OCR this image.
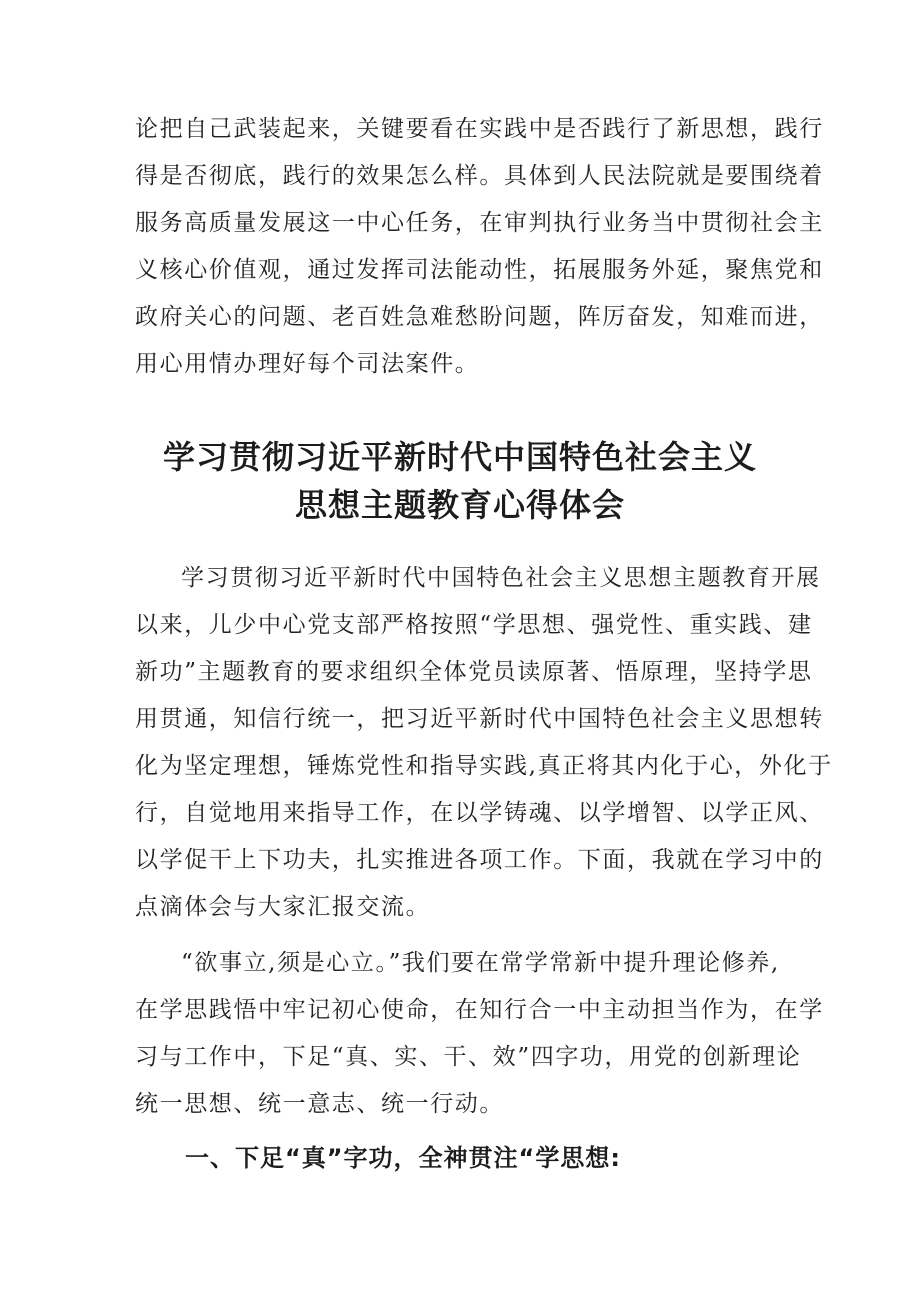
论把自己武装起来，关键要看在实践中是否践行了新思想，践行
得是否彻底，践行的效果怎么样。具体到人民法院就是要围绕着
服务高质量发展这一中心任务，在审判执行业务当中贯彻社会主
义核心价值观，通过发挥司法能动性，拓展服务外延，聚焦党和
政府关心的问题、老百姓急难愁盼问题，阵厉奋发，知难而进，
用心用情办理好每个司法案件。
学习贯彻习近平新时代中国特色社会主义
思想主题教育心得体会
学习贯彻习近平新时代中国特色社会主义思想主题教育开展
以来，儿少中心党支部严格按照“学思想、强党性、重实践、建
新功”主题教育的要求组织全体党员读原著、悟原理，坚持学思
用贯通，知信行统一，把习近平新时代中国特色社会主义思想转
化为坚定理想，锤炼党性和指导实践,真正将其内化于心，外化于
行，自觉地用来指导工作，在以学铸魂、以学增智、以学正风、
以学促干上下功夫，扎实推进各项工作。下面，我就在学习中的
点滴体会与大家汇报交流。
“欲事立,须是心立。”我们要在常学常新中提升理论修养,
在学思践悟中牢记初心使命，在知行合一中主动担当作为，在学
习与工作中，下足“真、实、干、效”四字功，用党的创新理论
统一思想、统一意志、统一行动。
一、下足“真”字功，全神贯注“学思想:
